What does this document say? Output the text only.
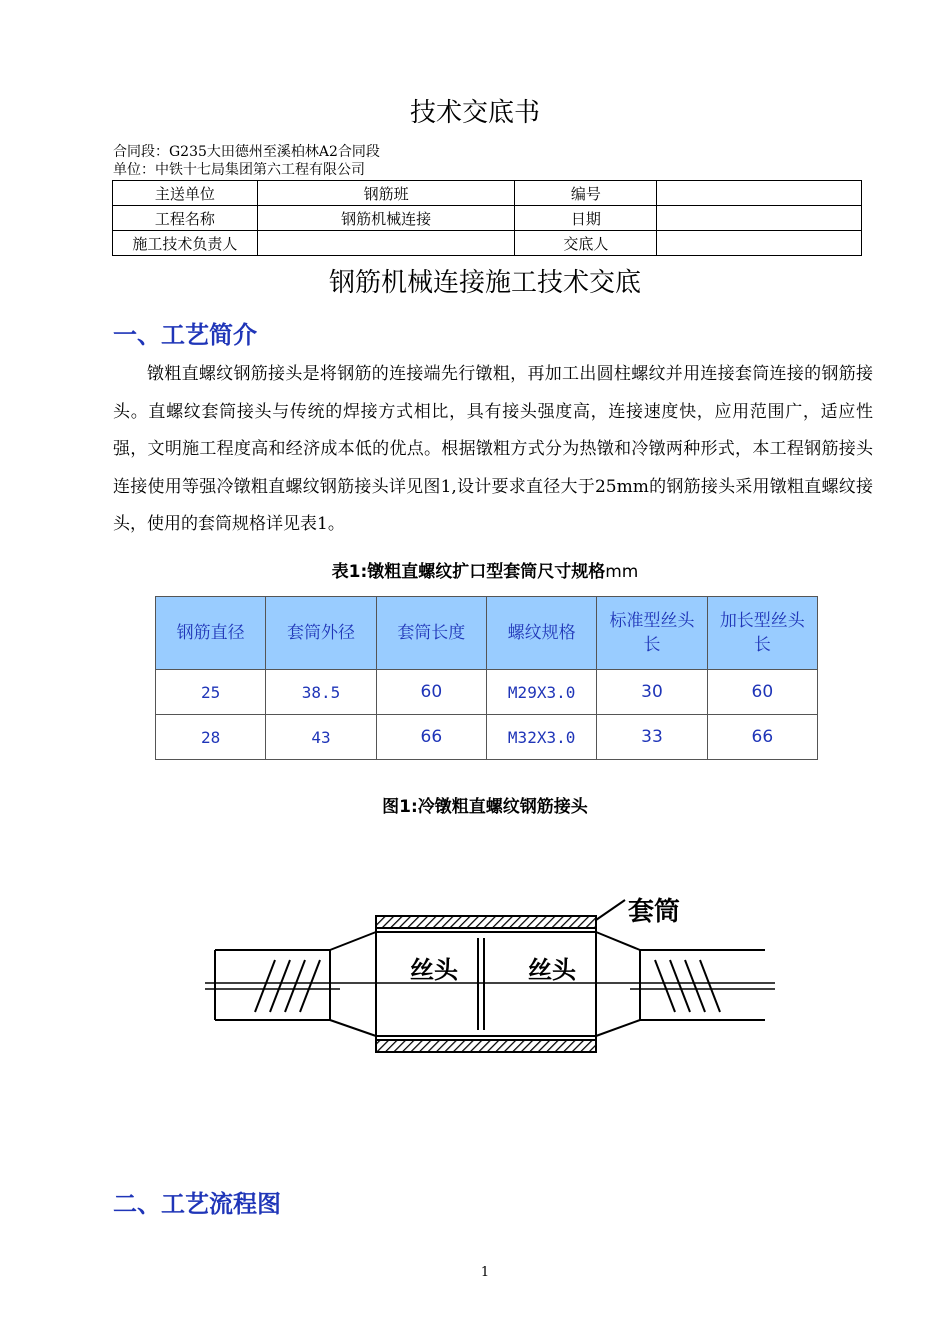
技术交底书
合同段：G235大田德州至溪柏林A2合同段
单位：中铁十七局集团第六工程有限公司
主送单位	钢筋班	编号	
工程名称	钢筋机械连接	日期	
施工技术负责人		交底人	
钢筋机械连接施工技术交底
一、工艺简介
镦粗直螺纹钢筋接头是将钢筋的连接端先行镦粗，再加工出圆柱螺纹并用连接套筒连接的钢筋接头。直螺纹套筒接头与传统的焊接方式相比，具有接头强度高，连接速度快，应用范围广，适应性强，文明施工程度高和经济成本低的优点。根据镦粗方式分为热镦和冷镦两种形式，本工程钢筋接头连接使用等强冷镦粗直螺纹钢筋接头详见图1,设计要求直径大于25mm的钢筋接头采用镦粗直螺纹接头，使用的套筒规格详见表1。
表1:镦粗直螺纹扩口型套筒尺寸规格mm
钢筋直径	套筒外径	套筒长度	螺纹规格	标准型丝头长	加长型丝头长
25	38.5	60	M29X3.0	30	60
28	43	66	M32X3.0	33	66
图1:冷镦粗直螺纹钢筋接头
套筒
丝头	丝头
二、工艺流程图
1
